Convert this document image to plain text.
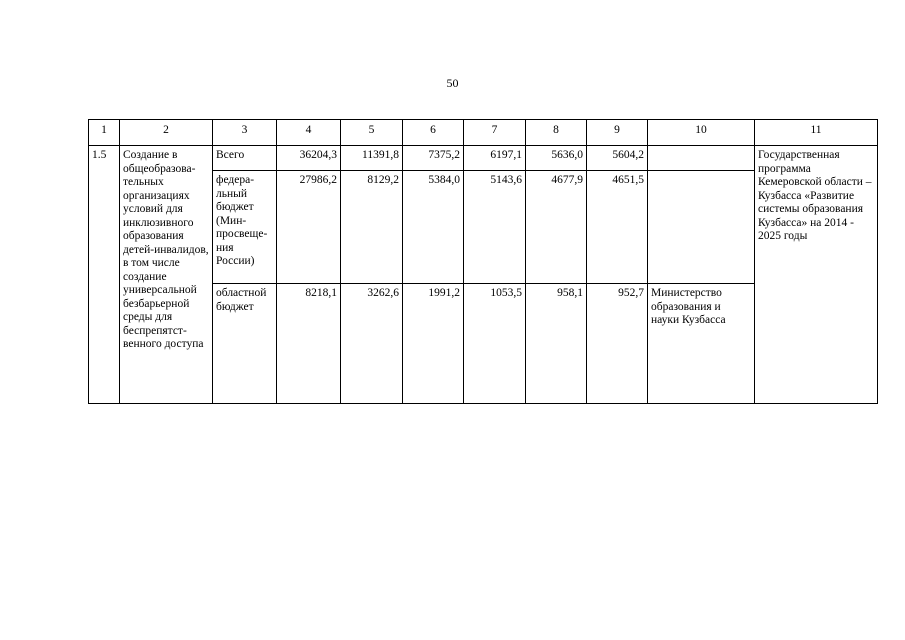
50
1	2	3	4	5	6	7	8	9	10	11
1.5	Создание в общеобразова-тельных организациях условий для инклюзивного образования детей-инвалидов, в том числе создание универсальной безбарьерной среды для беспрепятст-венного доступа	Всего	36204,3	11391,8	7375,2	6197,1	5636,0	5604,2		Государственная программа Кемеровской области – Кузбасса «Развитие системы образования Кузбасса» на 2014 - 2025 годы
		федера-льный бюджет (Мин-просвеще-ния России)	27986,2	8129,2	5384,0	5143,6	4677,9	4651,5		
		областной бюджет	8218,1	3262,6	1991,2	1053,5	958,1	952,7	Министерство образования и науки Кузбасса	
